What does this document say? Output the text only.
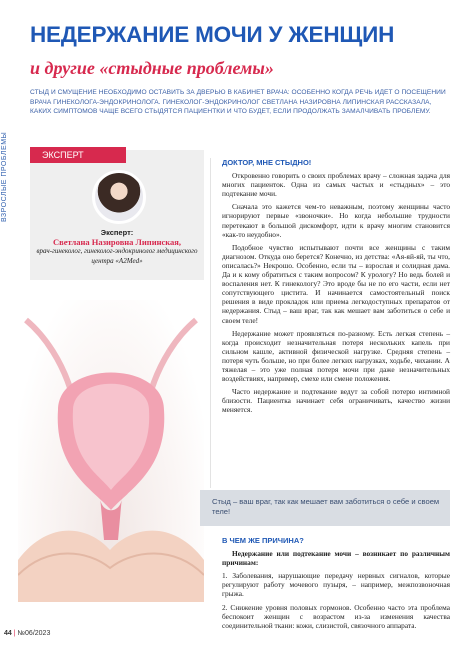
ВЗРОСЛЫЕ ПРОБЛЕМЫ
НЕДЕРЖАНИЕ МОЧИ У ЖЕНЩИН
и другие «стыдные проблемы»

СТЫД И СМУЩЕНИЕ НЕОБХОДИМО ОСТАВИТЬ ЗА ДВЕРЬЮ В КАБИНЕТ ВРАЧА: ОСОБЕННО КОГДА РЕЧЬ ИДЕТ О ПОСЕЩЕНИИ ВРАЧА ГИНЕКОЛОГА-ЭНДОКРИНОЛОГА. ГИНЕКОЛОГ-ЭНДОКРИНОЛОГ СВЕТЛАНА НАЗИРОВНА ЛИПИНСКАЯ РАССКАЗАЛА, КАКИХ СИМПТОМОВ ЧАЩЕ ВСЕГО СТЫДЯТСЯ ПАЦИЕНТКИ И ЧТО БУДЕТ, ЕСЛИ ПРОДОЛЖАТЬ ЗАМАЛЧИВАТЬ ПРОБЛЕМУ.

ЭКСПЕРТ
Эксперт:
Светлана Назировна Липинская,
врач-гинеколог, гинеколог-эндокринолог медицинского центра «A2Med»
ДОКТОР, МНЕ СТЫДНО!

Откровенно говорить о своих проблемах врачу – сложная задача для многих пациенток. Одна из самых частых и «стыдных» – это подтекание мочи.

Сначала это кажется чем-то неважным, поэтому женщины часто игнорируют первые «звоночки». Но когда небольшие трудности перетекают в большой дискомфорт, идти к врачу многим становится «как-то неудобно».

Подобное чувство испытывают почти все женщины с таким диагнозом. Откуда оно берется? Конечно, из детства: «Ая-яй-яй, ты что, описалась?» Некрошо. Особенно, если ты – взрослая и солидная дама. Да и к кому обратиться с таким вопросом? К урологу? Но ведь болей и воспаления нет. К гинекологу? Это вроде бы не по его части, если нет сопутствующего цистита. И начинается самостоятельный поиск решения в виде прокладок или приема легкодоступных препаратов от недержания. Стыд – ваш враг, так как мешает вам заботиться о себе и своем теле!

Недержание может проявляться по-разному. Есть легкая степень – когда происходит незначительная потеря нескольких капель при сильном кашле, активной физической нагрузке. Средняя степень – потеря чуть больше, но при более легких нагрузках, ходьбе, чихании. А тяжелая – это уже полная потеря мочи при даже незначительных воздействиях, например, смехе или смене положения.

Часто недержание и подтекание ведут за собой потерю интимной близости. Пациентка начинает себя ограничивать, качество жизни меняется.

Стыд – ваш враг, так как мешает вам заботиться о себе и своем теле!
В ЧЕМ ЖЕ ПРИЧИНА?

Недержание или подтекание мочи – возникает по различным причинам:

1. Заболевания, нарушающие передачу нервных сигналов, которые регулируют работу мочевого пузыря, – например, межпозвоночная грыжа.

2. Снижение уровня половых гормонов. Особенно часто эта проблема беспокоит женщин с возрастом из-за изменения качества соединительной ткани: кожи, слизистой, связочного аппарата.

44 | №06/2023
